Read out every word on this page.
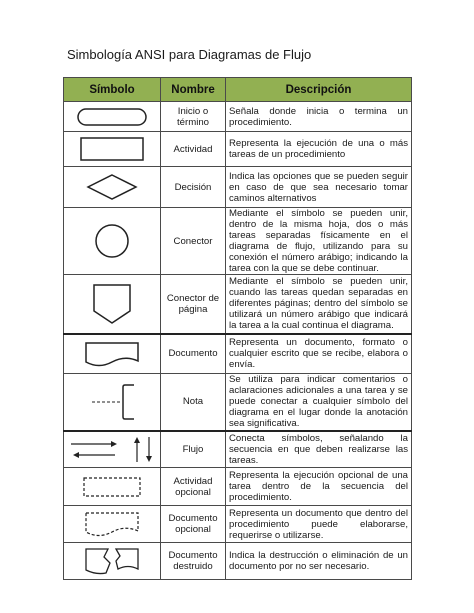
Simbología ANSI para Diagramas de Flujo
Símbolo	Nombre	Descripción

	Inicio o término	Señala donde inicia o termina un procedimiento.

	Actividad	Representa la ejecución de una o más tareas de un procedimiento

	Decisión	Indica las opciones que se pueden seguir en caso de que sea necesario tomar caminos alternativos

	Conector	Mediante el símbolo se pueden unir, dentro de la misma hoja, dos o más tareas separadas físicamente en el diagrama de flujo, utilizando para su conexión el número arábigo; indicando la tarea con la que se debe continuar.

	Conector de página	Mediante el símbolo se pueden unir, cuando las tareas quedan separadas en diferentes páginas; dentro del símbolo se utilizará un número arábigo que indicará la tarea a la cual continua el diagrama.

	Documento	Representa un documento, formato o cualquier escrito que se recibe, elabora o envía.

	Nota	Se utiliza para indicar comentarios o aclaraciones adicionales a una tarea y se puede conectar a cualquier símbolo del diagrama en el lugar donde la anotación sea significativa.

	Flujo	Conecta símbolos, señalando la secuencia en que deben realizarse las tareas.

	Actividad opcional	Representa la ejecución opcional de una tarea dentro de la secuencia del procedimiento.

	Documento opcional	Representa un documento que dentro del procedimiento puede elaborarse, requerirse o utilizarse.

	Documento destruido	Indica la destrucción o eliminación de un documento por no ser necesario.
